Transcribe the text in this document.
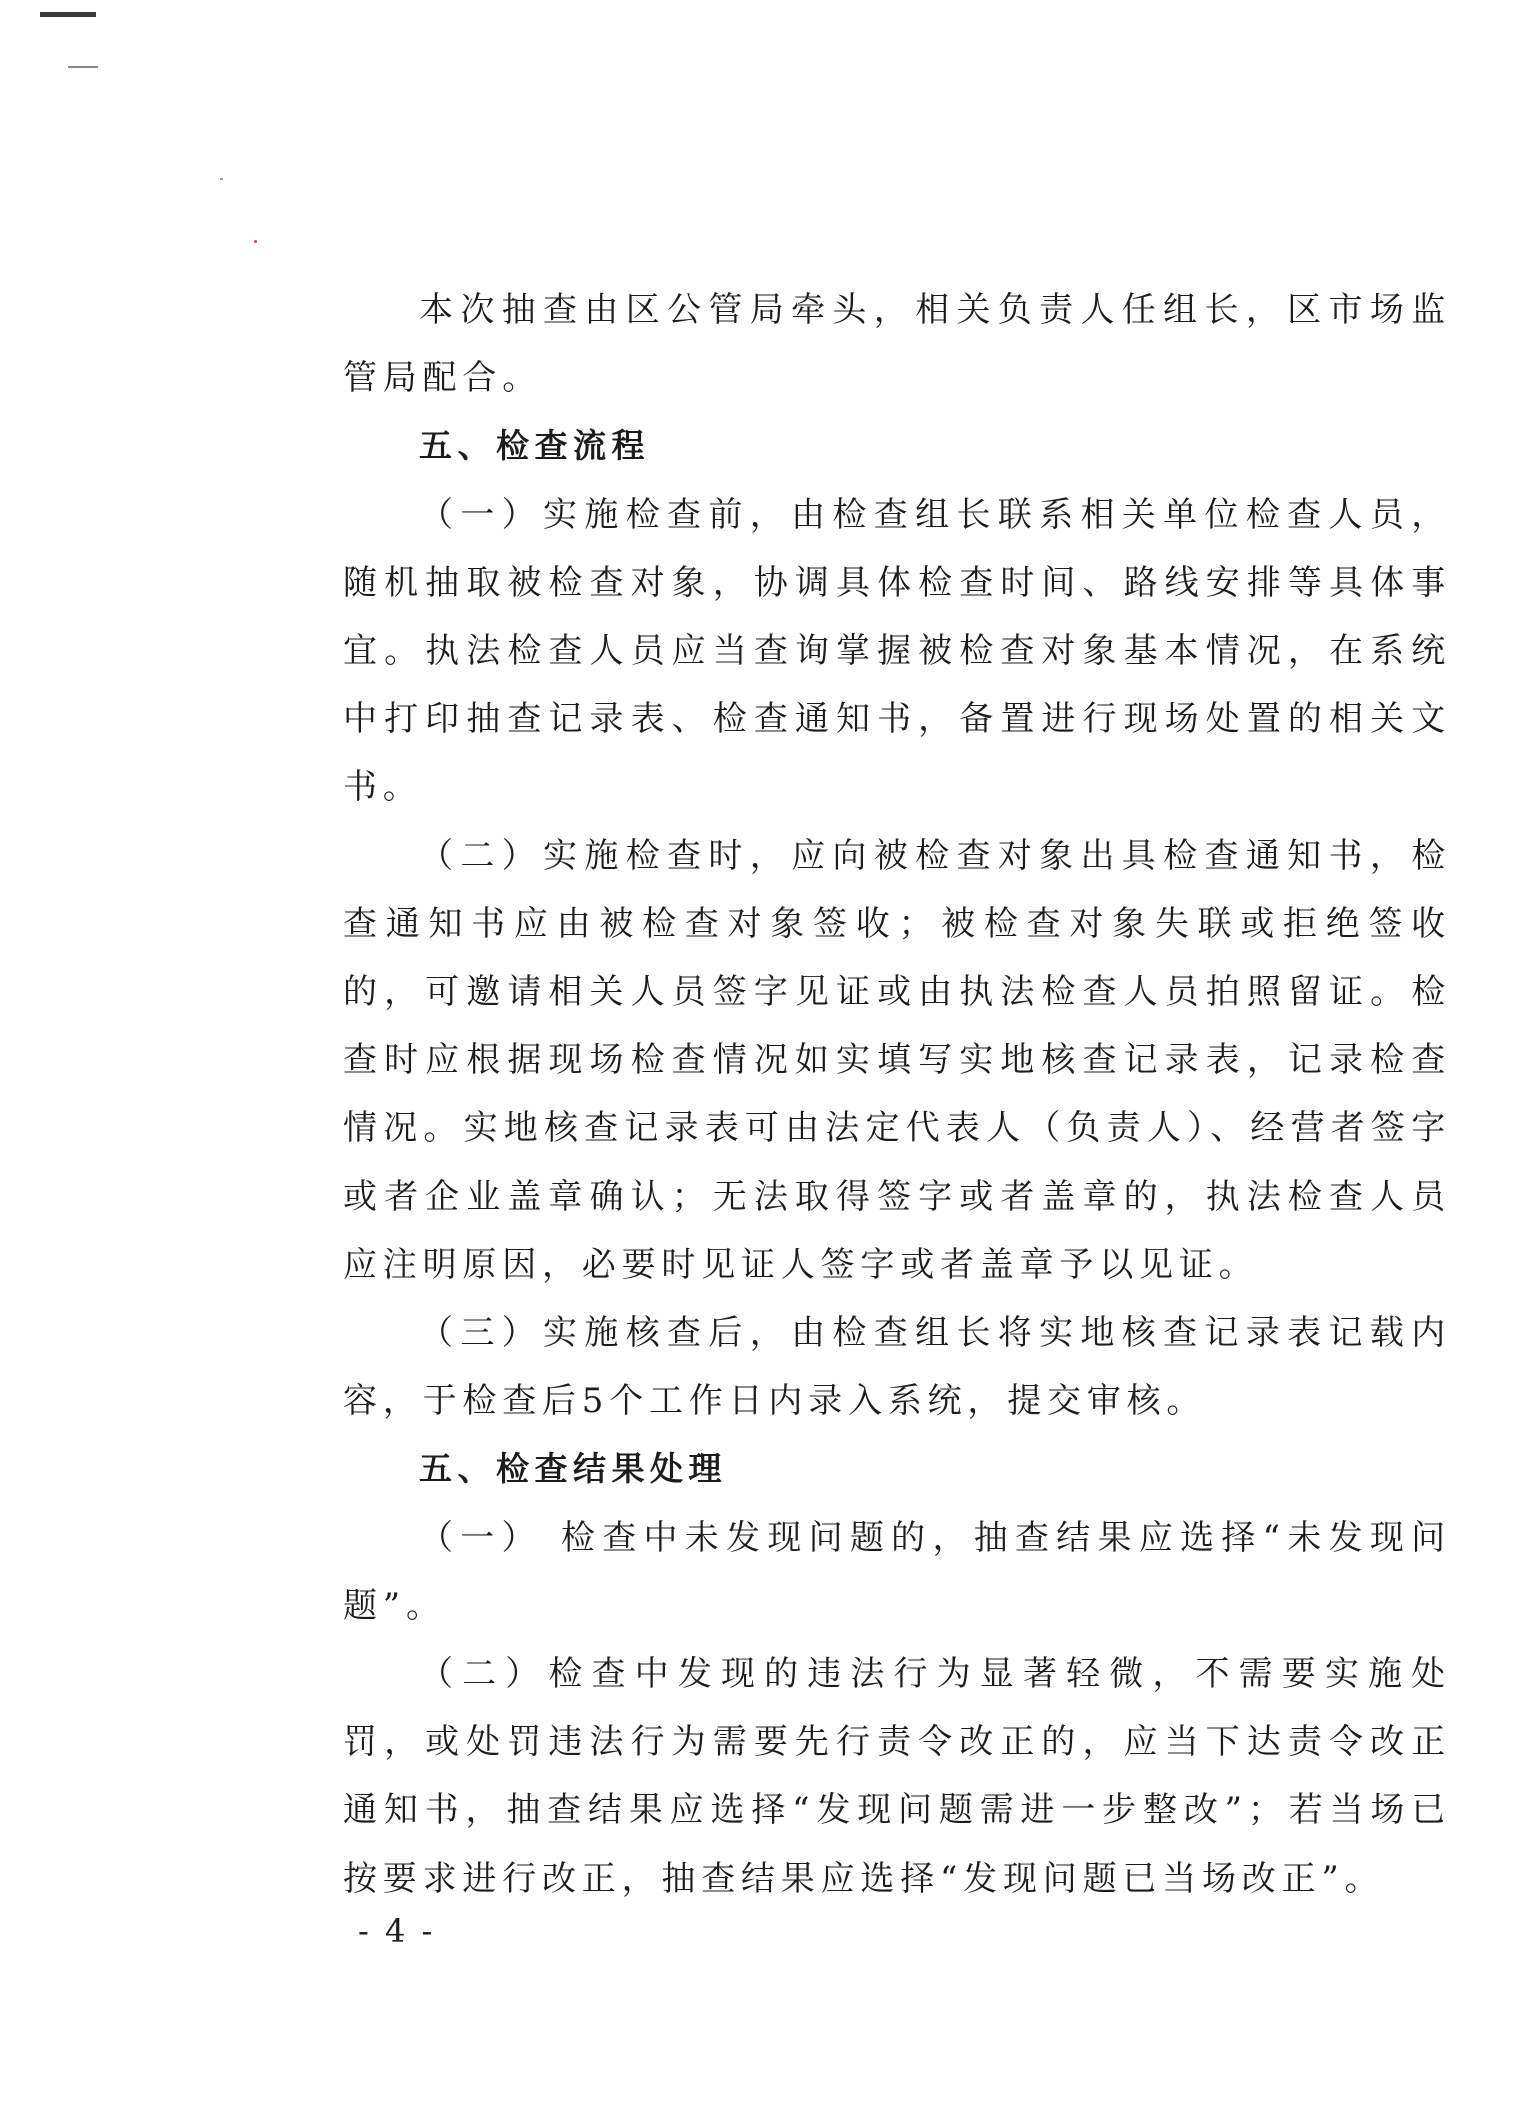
本次抽查由区公管局牵头，相关负责人任组长，区市场监管局配合。

五、检查流程

（一）实施检查前，由检查组长联系相关单位检查人员，随机抽取被检查对象，协调具体检查时间、路线安排等具体事宜。执法检查人员应当查询掌握被检查对象基本情况，在系统中打印抽查记录表、检查通知书，备置进行现场处置的相关文书。

（二）实施检查时，应向被检查对象出具检查通知书，检查通知书应由被检查对象签收；被检查对象失联或拒绝签收的，可邀请相关人员签字见证或由执法检查人员拍照留证。检查时应根据现场检查情况如实填写实地核查记录表，记录检查情况。实地核查记录表可由法定代表人（负责人）、经营者签字或者企业盖章确认；无法取得签字或者盖章的，执法检查人员应注明原因，必要时见证人签字或者盖章予以见证。

（三）实施核查后，由检查组长将实地核查记录表记载内容，于检查后5个工作日内录入系统，提交审核。

五、检查结果处理

（一） 检查中未发现问题的，抽查结果应选择“未发现问题”。

（二）检查中发现的违法行为显著轻微，不需要实施处罚，或处罚违法行为需要先行责令改正的，应当下达责令改正通知书，抽查结果应选择“发现问题需进一步整改”；若当场已按要求进行改正，抽查结果应选择“发现问题已当场改正”。

- 4 -
